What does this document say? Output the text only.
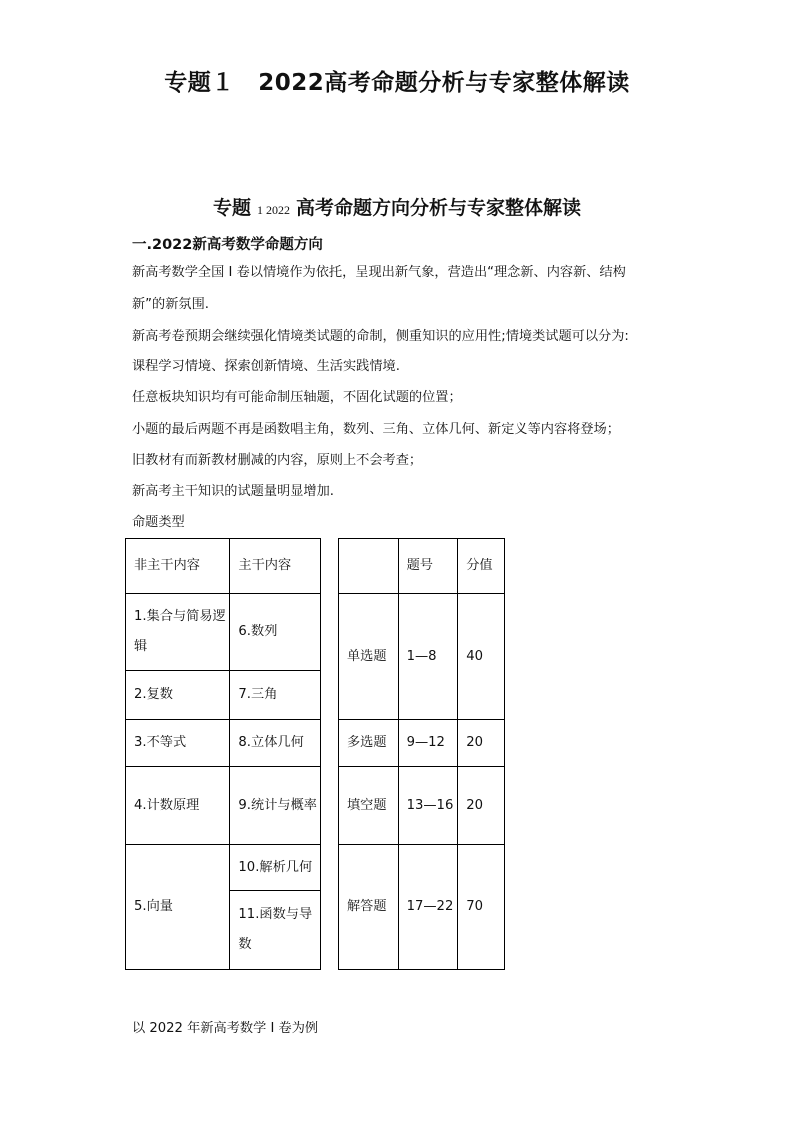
专题１　2022高考命题分析与专家整体解读
专题 1 2022 高考命题方向分析与专家整体解读
一.2022新高考数学命题方向
新高考数学全国 I 卷以情境作为依托，呈现出新气象，营造出“理念新、内容新、结构
新”的新氛围.
新高考卷预期会继续强化情境类试题的命制，侧重知识的应用性;情境类试题可以分为:
课程学习情境、探索创新情境、生活实践情境.
任意板块知识均有可能命制压轴题，不固化试题的位置；
小题的最后两题不再是函数唱主角，数列、三角、立体几何、新定义等内容将登场；
旧教材有而新教材删减的内容，原则上不会考查；
新高考主干知识的试题量明显增加.
命题类型
非主干内容	主干内容
1.集合与简易逻辑	6.数列
2.复数	7.三角
3.不等式	8.立体几何
4.计数原理	9.统计与概率
5.向量	10.解析几何
	11.函数与导数
	题号	分值
单选题	1—8	40
多选题	9—12	20
填空题	13—16	20
解答题	17—22	70
以 2022 年新高考数学 I 卷为例
